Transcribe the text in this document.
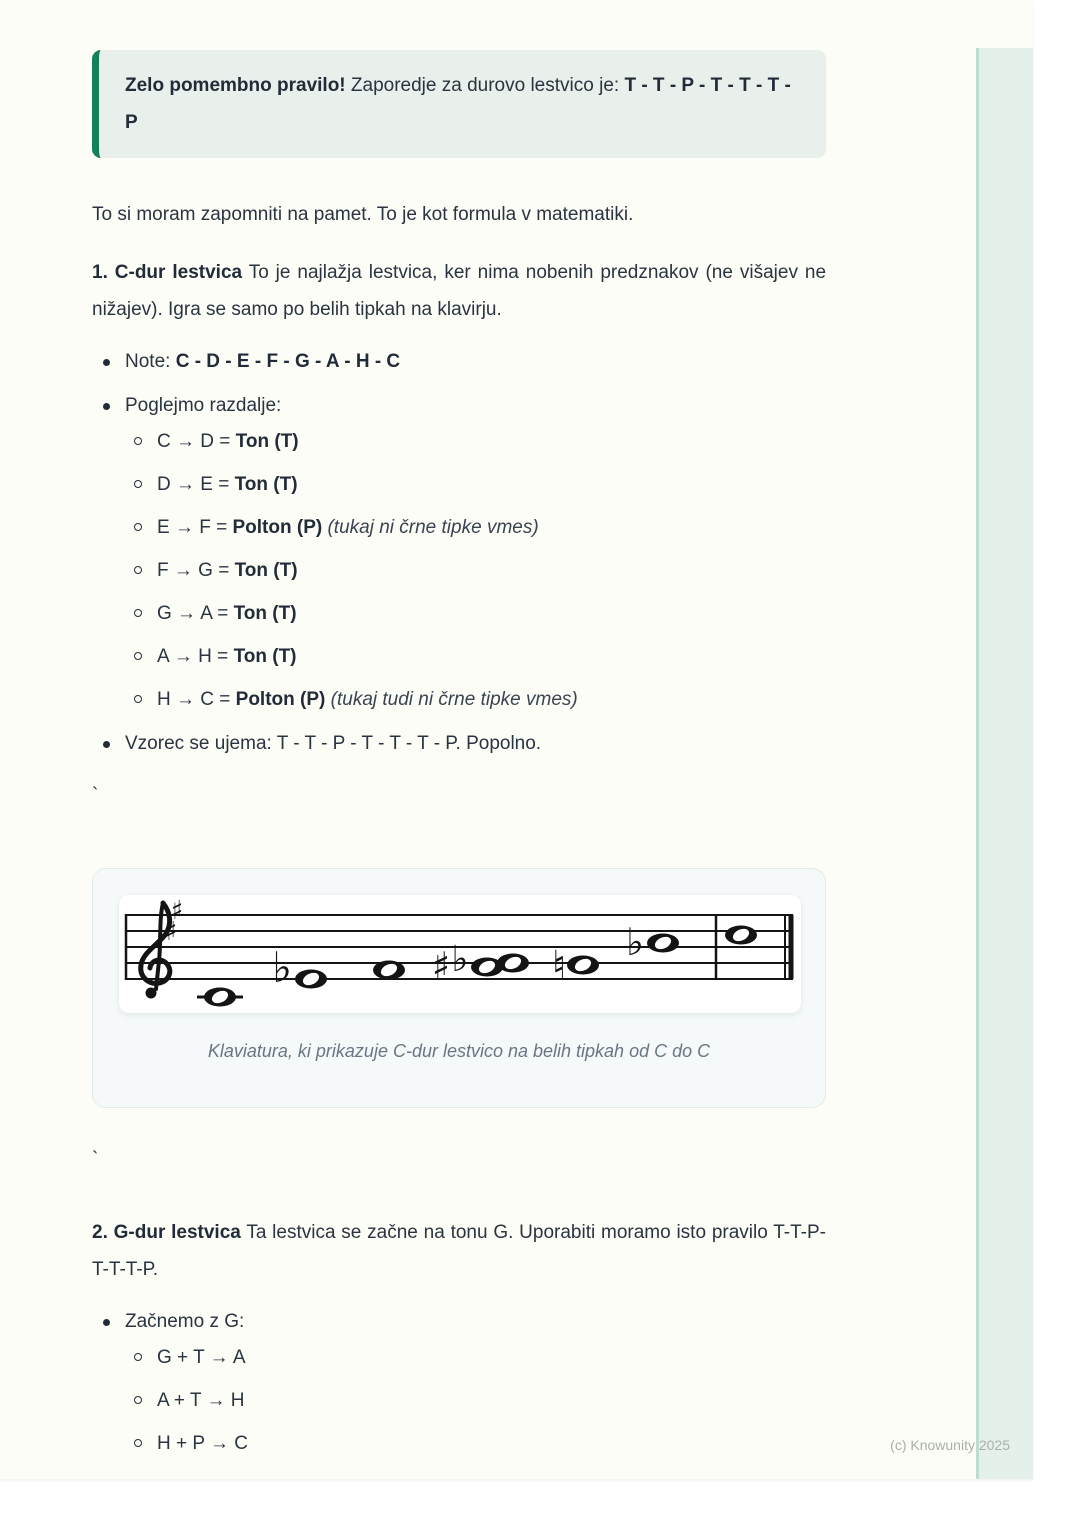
Zelo pomembno pravilo! Zaporedje za durovo lestvico je: T - T - P - T - T - T - P

To si moram zapomniti na pamet. To je kot formula v matematiki.

1. C-dur lestvica To je najlažja lestvica, ker nima nobenih predznakov (ne višajev ne nižajev). Igra se samo po belih tipkah na klavirju.

Note: C - D - E - F - G - A - H - C
Poglejmo razdalje:
C → D = Ton (T)
D → E = Ton (T)
E → F = Polton (P) (tukaj ni črne tipke vmes)
F → G = Ton (T)
G → A = Ton (T)
A → H = Ton (T)
H → C = Polton (P) (tukaj tudi ni črne tipke vmes)
Vzorec se ujema: T - T - P - T - T - T - P. Popolno.

`

♯
♯
♭	♯ ♭ ♮
♭

Klaviatura, ki prikazuje C-dur lestvico na belih tipkah od C do C

`

2. G-dur lestvica Ta lestvica se začne na tonu G. Uporabiti moramo isto pravilo T-T-P-T-T-T-P.

Začnemo z G:
G + T → A
A + T → H
H + P → C	(c) Knowunity 2025
